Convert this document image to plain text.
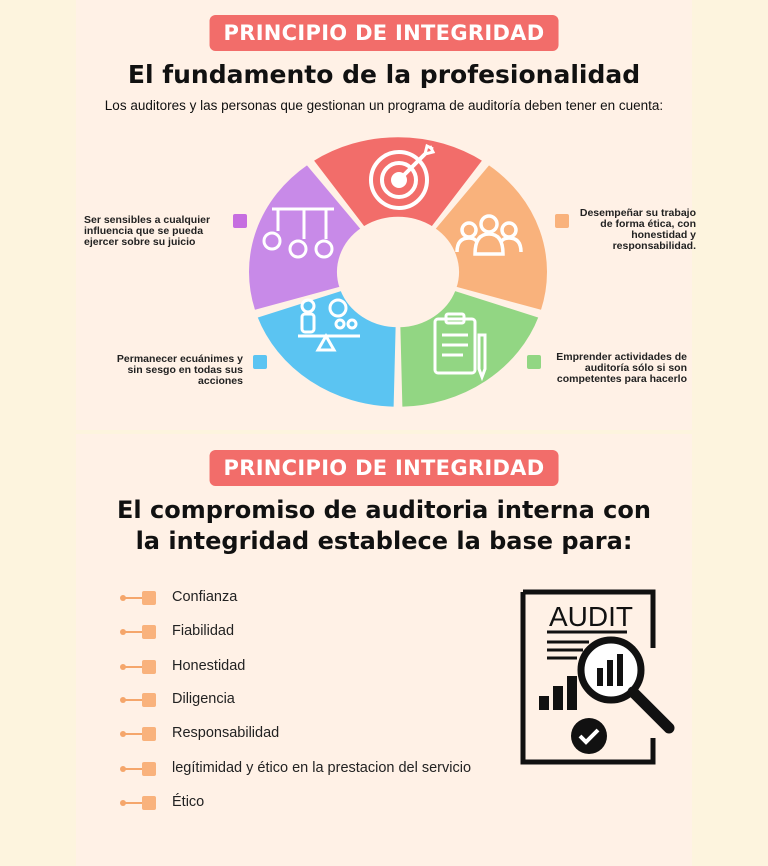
PRINCIPIO DE INTEGRIDAD
El fundamento de la profesionalidad
Los auditores y las personas que gestionan un programa de auditoría deben tener en cuenta:
Ser sensibles a cualquier
influencia que se pueda
ejercer sobre su juicio
Desempeñar su trabajo
de forma ética, con
honestidad y
responsabilidad.
Permanecer ecuánimes y
sin sesgo en todas sus
acciones
Emprender actividades de
auditoría sólo si son
competentes para hacerlo
PRINCIPIO DE INTEGRIDAD
El compromiso de auditoria interna con
la integridad establece la base para:
Confianza
Fiabilidad
Honestidad
Diligencia
Responsabilidad
legítimidad y ético en la prestacion del servicio
Ético
AUDIT
